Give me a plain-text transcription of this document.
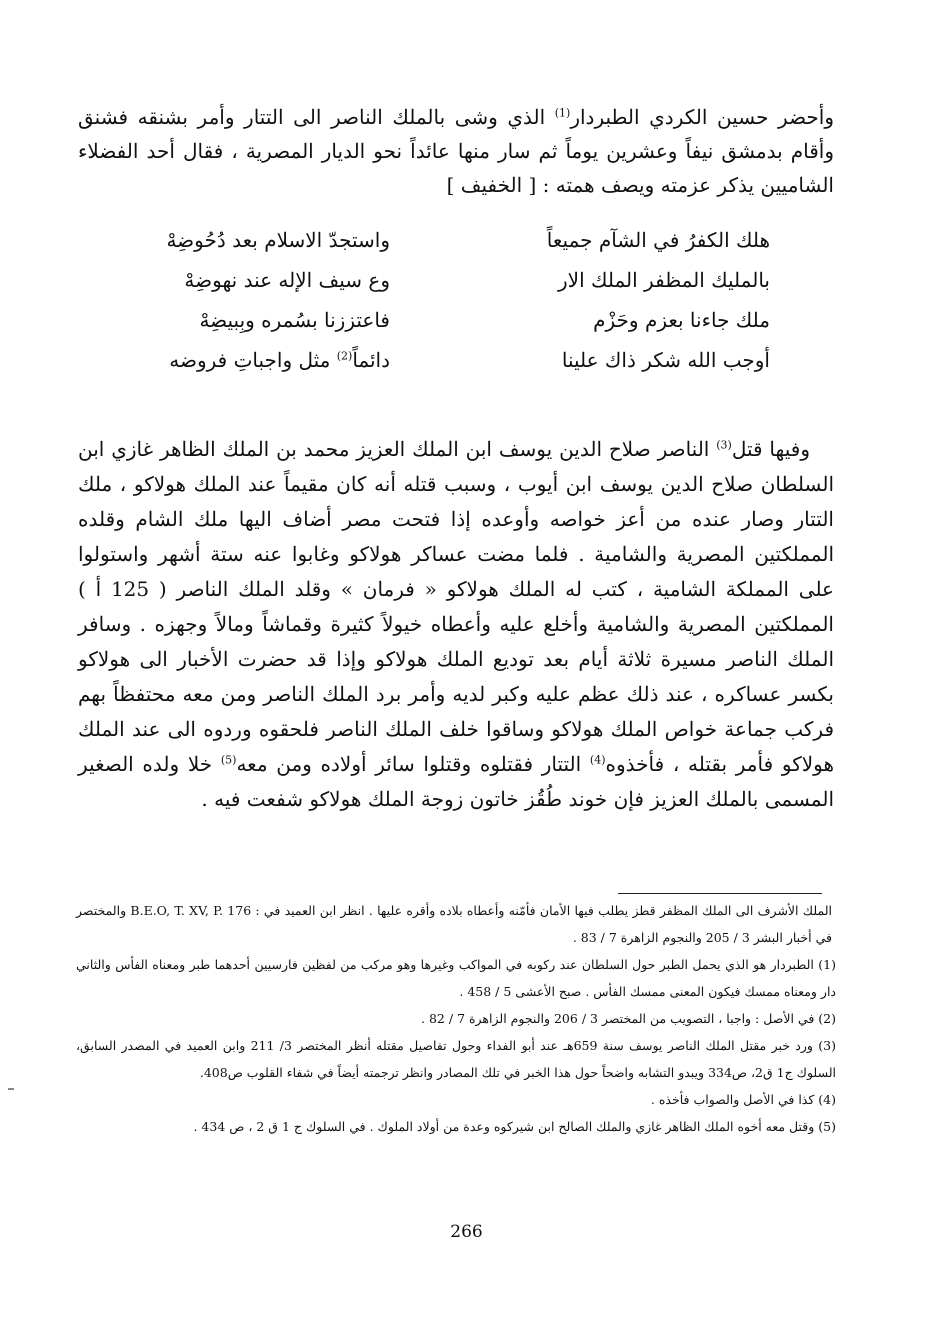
وأحضر حسين الكردي الطبردار$^{(1)}$ الذي وشى بالملك الناصر الى التتار وأمر بشنقه فشنق وأقام بدمشق نيفاً وعشرين يوماً ثم سار منها عائداً نحو الديار المصرية ، فقال أحد الفضلاء الشاميين يذكر عزمته ويصف همته : [ الخفيف ]

هلك الكفرُ في الشآم جميعاً
واستجدّ الاسلام بعد دُحُوضِهْ
بالمليك المظفر الملك الار
وع سيف الإله عند نهوضِهْ
ملك جاءنا بعزم وحَزْم
فاعتززنا بسُمره وبِبيضِهْ
أوجب الله شكر ذاك علينا
دائماً$^{(2)}$ مثل واجباتِ فروضه

وفيها قتل$^{(3)}$ الناصر صلاح الدين يوسف ابن الملك العزيز محمد بن الملك الظاهر غازي ابن السلطان صلاح الدين يوسف ابن أيوب ، وسبب قتله أنه كان مقيماً عند الملك هولاكو ، ملك التتار وصار عنده من أعز خواصه وأوعده إذا فتحت مصر أضاف اليها ملك الشام وقلده المملكتين المصرية والشامية . فلما مضت عساكر هولاكو وغابوا عنه ستة أشهر واستولوا على المملكة الشامية ، كتب له الملك هولاكو « فرمان » وقلد الملك الناصر ( 125 أ ) المملكتين المصرية والشامية وأخلع عليه وأعطاه خيولاً كثيرة وقماشاً ومالاً وجهزه . وسافر الملك الناصر مسيرة ثلاثة أيام بعد توديع الملك هولاكو وإذا قد حضرت الأخبار الى هولاكو بكسر عساكره ، عند ذلك عظم عليه وكبر لديه وأمر برد الملك الناصر ومن معه محتفظاً بهم فركب جماعة خواص الملك هولاكو وساقوا خلف الملك الناصر فلحقوه وردوه الى عند الملك هولاكو فأمر بقتله ، فأخذوه$^{(4)}$ التتار فقتلوه وقتلوا سائر أولاده ومن معه$^{(5)}$ خلا ولده الصغير المسمى بالملك العزيز فإن خوند طُقُز خاتون زوجة الملك هولاكو شفعت فيه .

الملك الأشرف الى الملك المظفر قطز يطلب فيها الأمان فأمّنه وأعطاه بلاده وأقره عليها . انظر ابن العميد في : B.E.O, T. XV, P. 176 والمختصر في أخبار البشر 3 / 205 والنجوم الزاهرة 7 / 83 .

(1) الطبردار هو الذي يحمل الطبر حول السلطان عند ركوبه في المواكب وغيرها وهو مركب من لفظين فارسيين أحدهما طبر ومعناه الفأس والثاني دار ومعناه ممسك فيكون المعنى ممسك الفأس . صبح الأعشى 5 / 458 .

(2) في الأصل : واجبا ، التصويب من المختصر 3 / 206 والنجوم الزاهرة 7 / 82 .

(3) ورد خبر مقتل الملك الناصر يوسف سنة 659هـ عند أبو الفداء وحول تفاصيل مقتله أنظر المختصر 3/ 211 وابن العميد في المصدر السابق، السلوك ج1 ق2، ص334 ويبدو التشابه واضحاً حول هذا الخبر في تلك المصادر وانظر ترجمته أيضاً في شفاء القلوب ص408.

(4) كذا في الأصل والصواب فأخذه .

(5) وقتل معه أخوه الملك الظاهر غازي والملك الصالح ابن شيركوه وعدة من أولاد الملوك . في السلوك ج 1 ق 2 ، ص 434 .

266
